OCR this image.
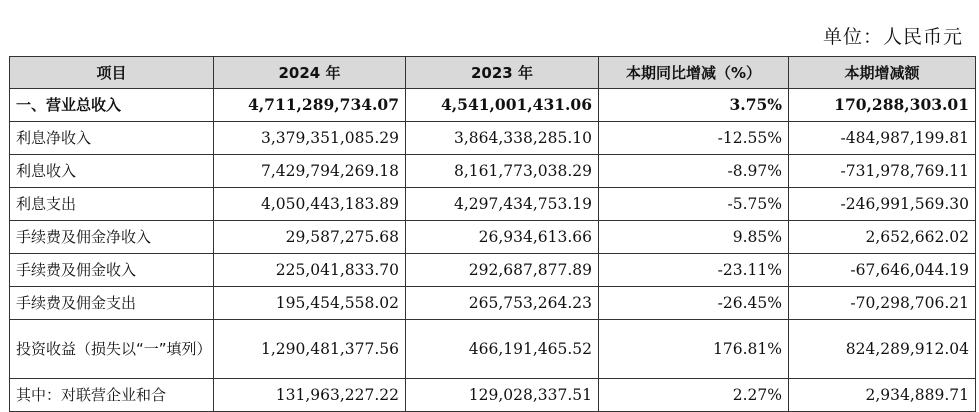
单位：人民币元
项目	2024 年	2023 年	本期同比增减（%）	本期增减额
一、营业总收入	4,711,289,734.07	4,541,001,431.06	3.75%	170,288,303.01
利息净收入	3,379,351,085.29	3,864,338,285.10	-12.55%	-484,987,199.81
利息收入	7,429,794,269.18	8,161,773,038.29	-8.97%	-731,978,769.11
利息支出	4,050,443,183.89	4,297,434,753.19	-5.75%	-246,991,569.30
手续费及佣金净收入	29,587,275.68	26,934,613.66	9.85%	2,652,662.02
手续费及佣金收入	225,041,833.70	292,687,877.89	-23.11%	-67,646,044.19
手续费及佣金支出	195,454,558.02	265,753,264.23	-26.45%	-70,298,706.21
投资收益（损失以“一”填列）	1,290,481,377.56	466,191,465.52	176.81%	824,289,912.04
其中：对联营企业和合	131,963,227.22	129,028,337.51	2.27%	2,934,889.71
